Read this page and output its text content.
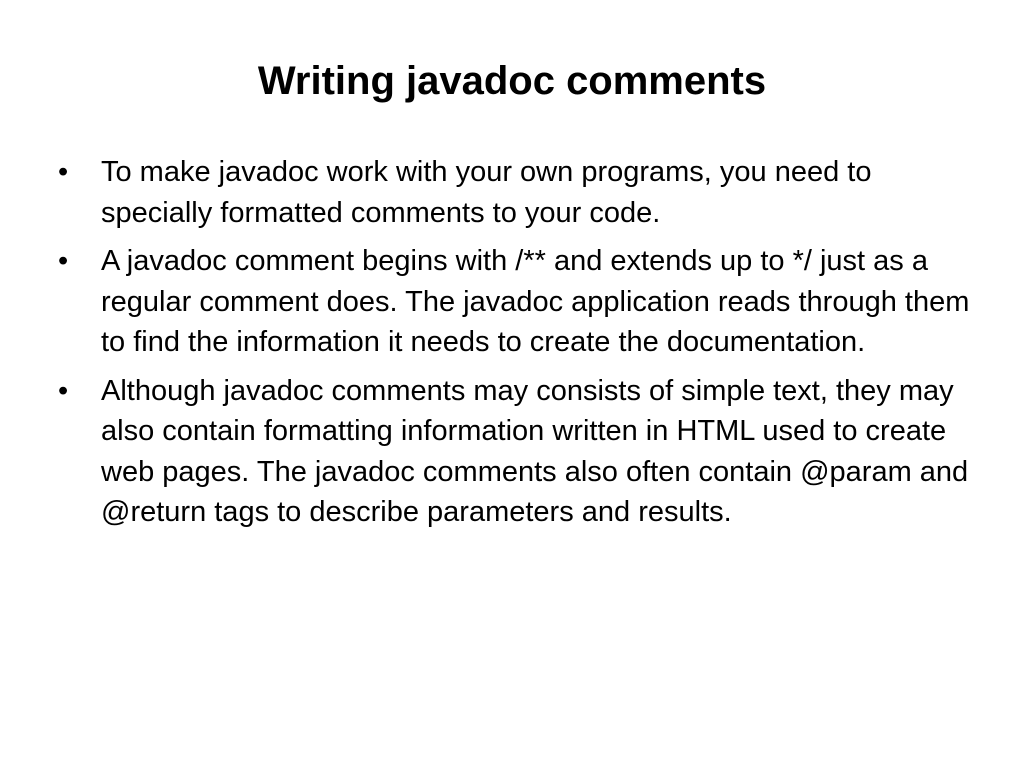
Writing javadoc comments
•	To make javadoc work with your own programs, you need to specially formatted comments to your code.
•	A javadoc comment begins with /** and extends up to */ just as a regular comment does. The javadoc application reads through them to find the information it needs to create the documentation.
•	Although javadoc comments may consists of simple text, they may also contain formatting information written in HTML used to create web pages. The javadoc comments also often contain @param and @return tags to describe parameters and results.
